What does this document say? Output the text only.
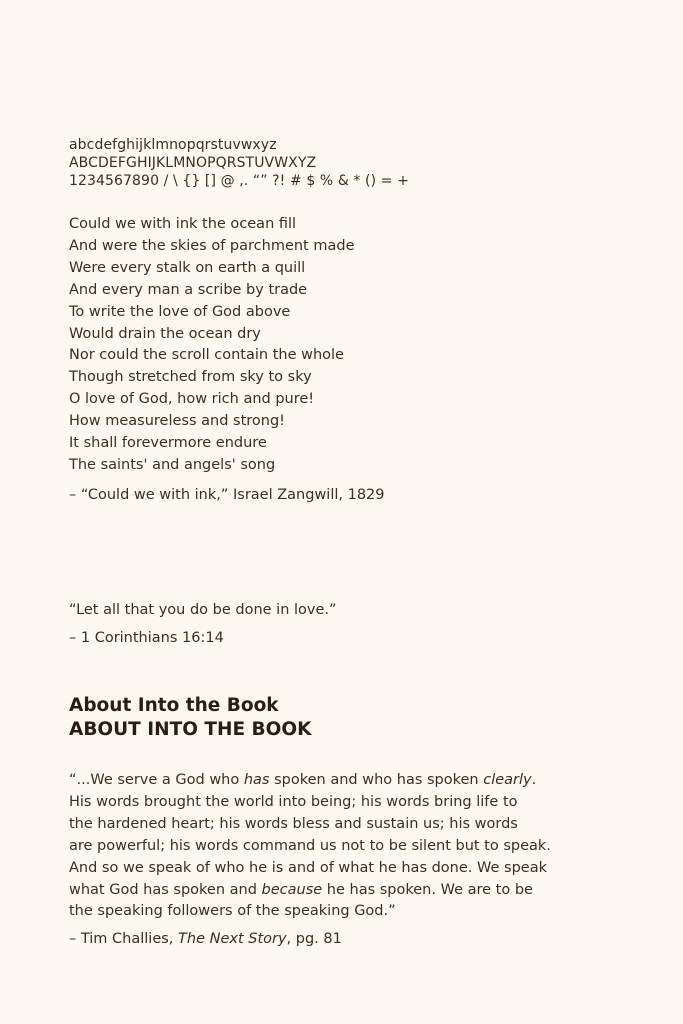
abcdefghijklmnopqrstuvwxyz
ABCDEFGHIJKLMNOPQRSTUVWXYZ
1234567890 / \ {} [] @ ,. “” ?! # $ % & * () = +
Could we with ink the ocean fill
And were the skies of parchment made
Were every stalk on earth a quill
And every man a scribe by trade
To write the love of God above
Would drain the ocean dry
Nor could the scroll contain the whole
Though stretched from sky to sky
O love of God, how rich and pure!
How measureless and strong!
It shall forevermore endure
The saints' and angels' song
– “Could we with ink,” Israel Zangwill, 1829
“Let all that you do be done in love.”
– 1 Corinthians 16:14
About Into the Book
ABOUT INTO THE BOOK
“...We serve a God who has spoken and who has spoken clearly.
His words brought the world into being; his words bring life to
the hardened heart; his words bless and sustain us; his words
are powerful; his words command us not to be silent but to speak.
And so we speak of who he is and of what he has done. We speak
what God has spoken and because he has spoken. We are to be
the speaking followers of the speaking God.”
– Tim Challies, The Next Story, pg. 81
